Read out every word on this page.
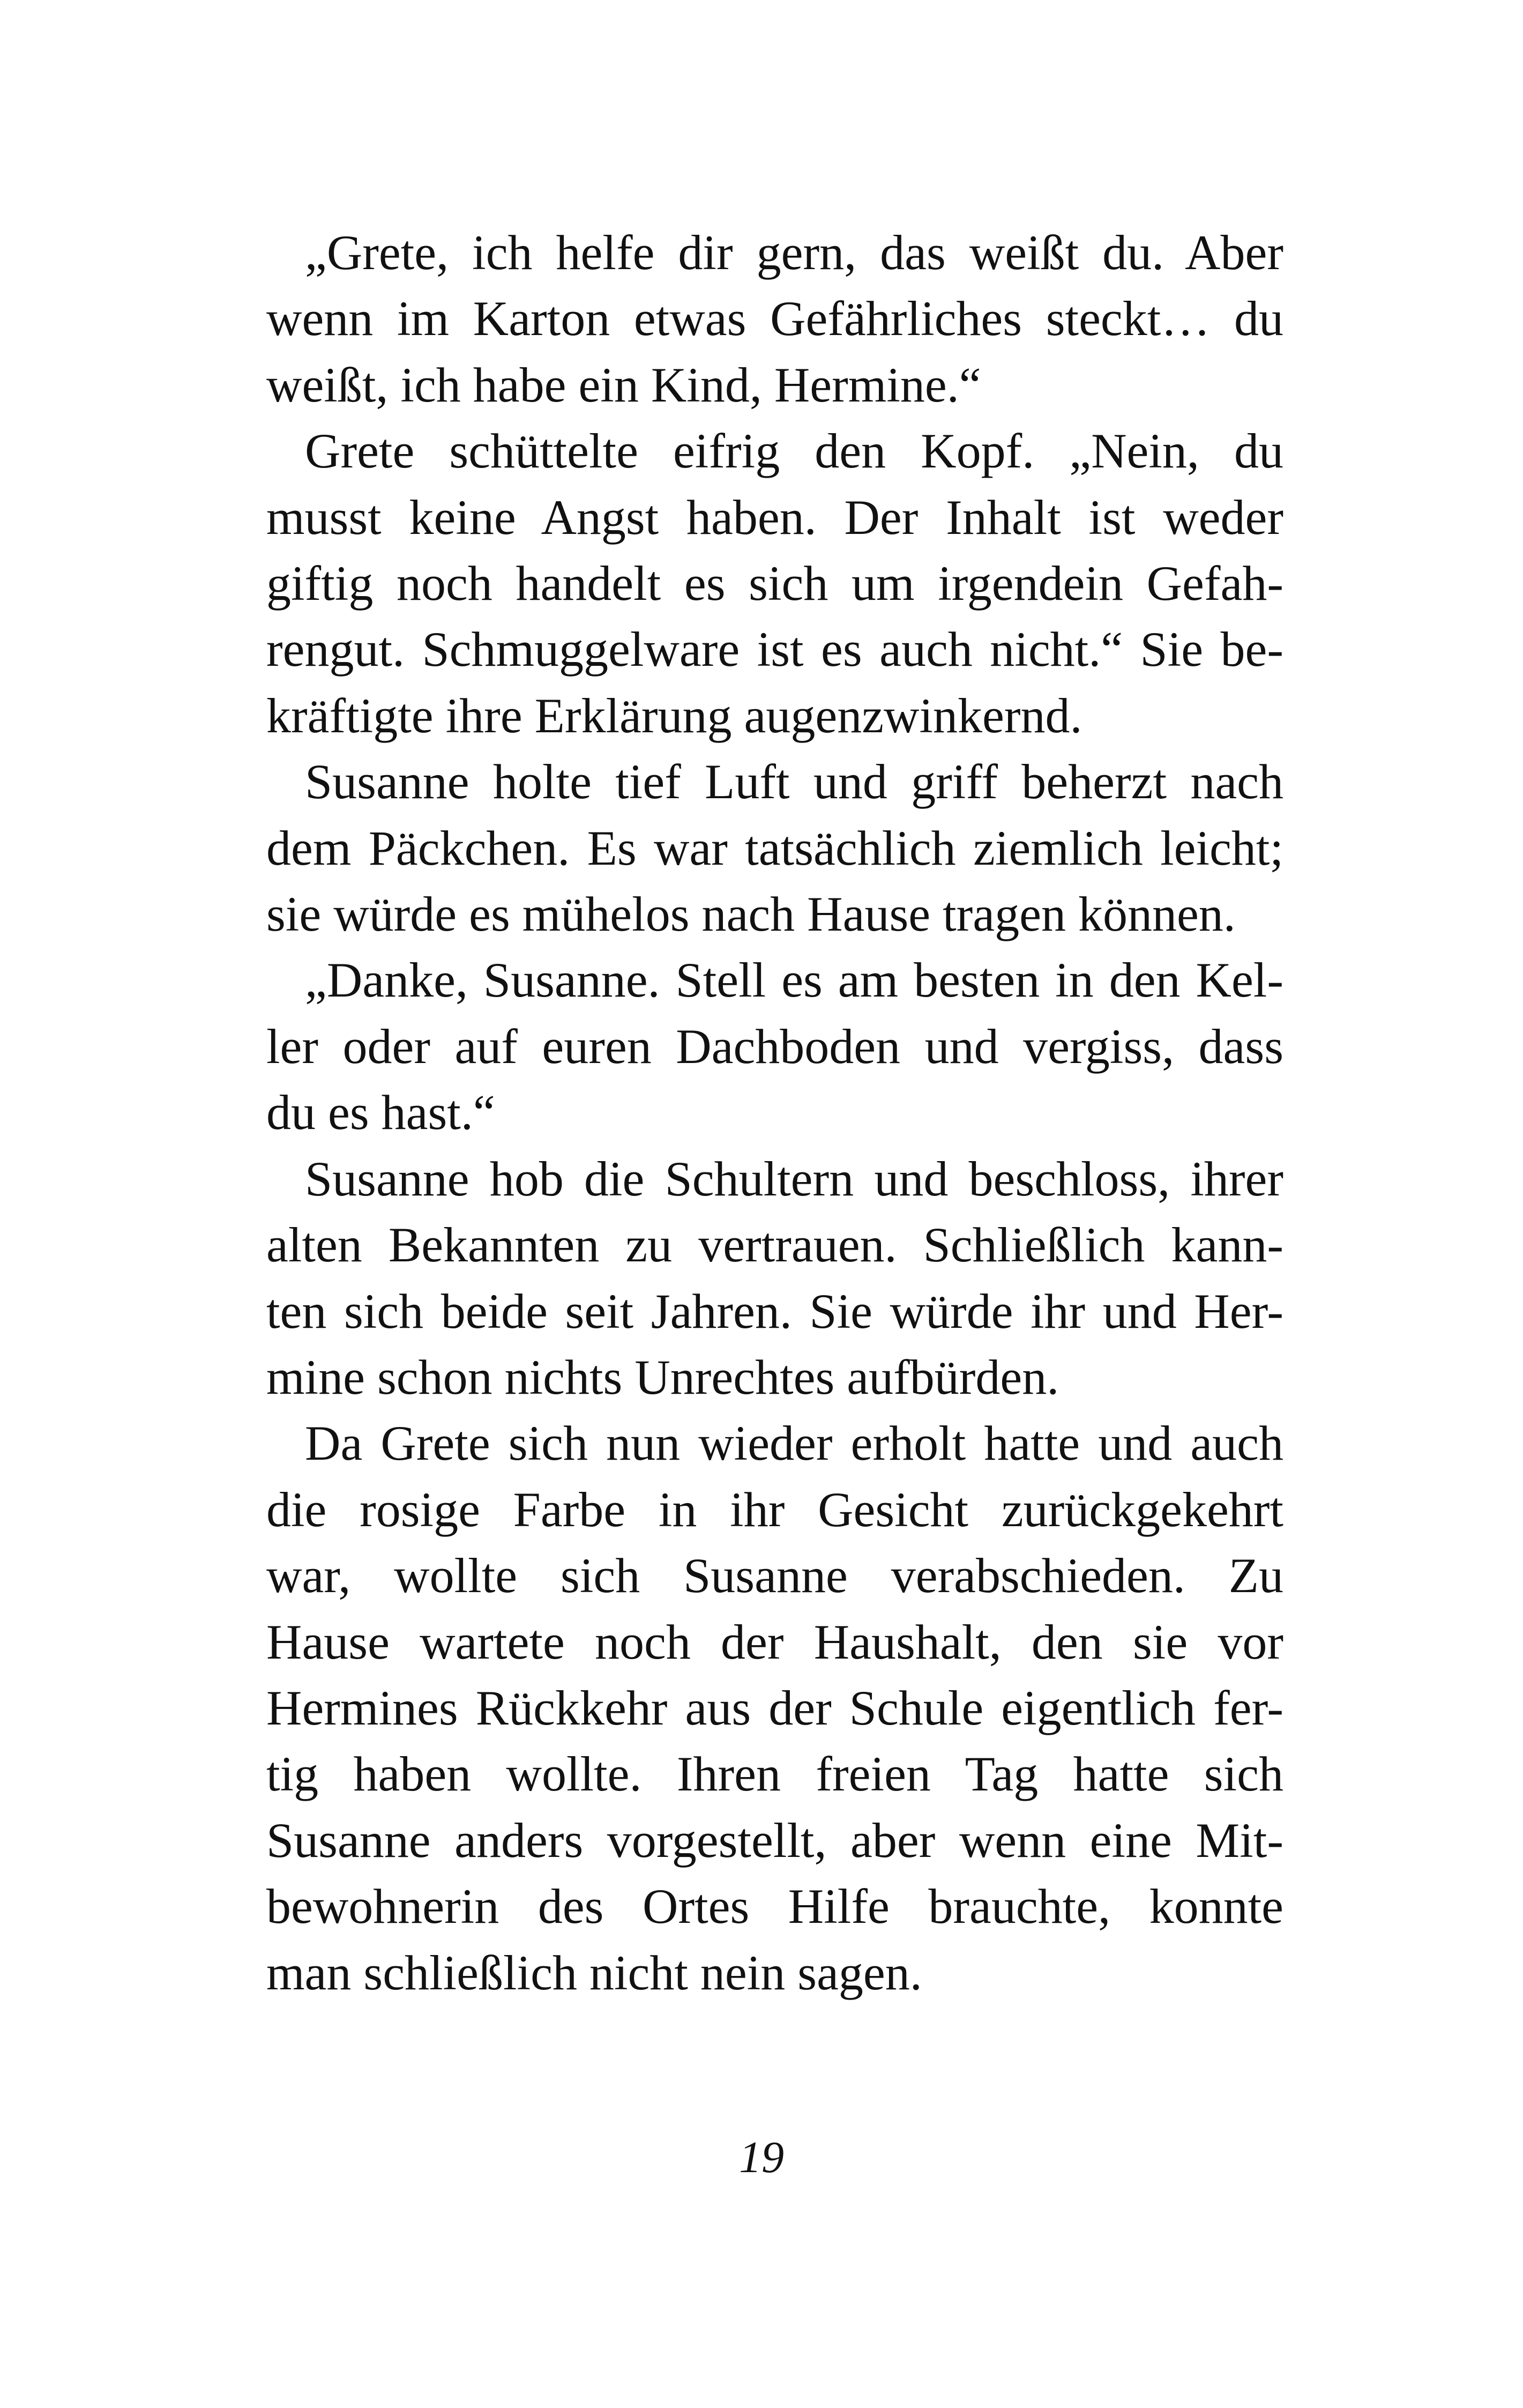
„Grete, ich helfe dir gern, das weißt du. Aber
wenn im Karton etwas Gefährliches steckt… du
weißt, ich habe ein Kind, Hermine.“
Grete schüttelte eifrig den Kopf. „Nein, du
musst keine Angst haben. Der Inhalt ist weder
giftig noch handelt es sich um irgendein Gefah-
rengut. Schmuggelware ist es auch nicht.“ Sie be-
kräftigte ihre Erklärung augenzwinkernd.
Susanne holte tief Luft und griff beherzt nach
dem Päckchen. Es war tatsächlich ziemlich leicht;
sie würde es mühelos nach Hause tragen können.
„Danke, Susanne. Stell es am besten in den Kel-
ler oder auf euren Dachboden und vergiss, dass
du es hast.“
Susanne hob die Schultern und beschloss, ihrer
alten Bekannten zu vertrauen. Schließlich kann-
ten sich beide seit Jahren. Sie würde ihr und Her-
mine schon nichts Unrechtes aufbürden.
Da Grete sich nun wieder erholt hatte und auch
die rosige Farbe in ihr Gesicht zurückgekehrt
war, wollte sich Susanne verabschieden. Zu
Hause wartete noch der Haushalt, den sie vor
Hermines Rückkehr aus der Schule eigentlich fer-
tig haben wollte. Ihren freien Tag hatte sich
Susanne anders vorgestellt, aber wenn eine Mit-
bewohnerin des Ortes Hilfe brauchte, konnte
man schließlich nicht nein sagen.
19
